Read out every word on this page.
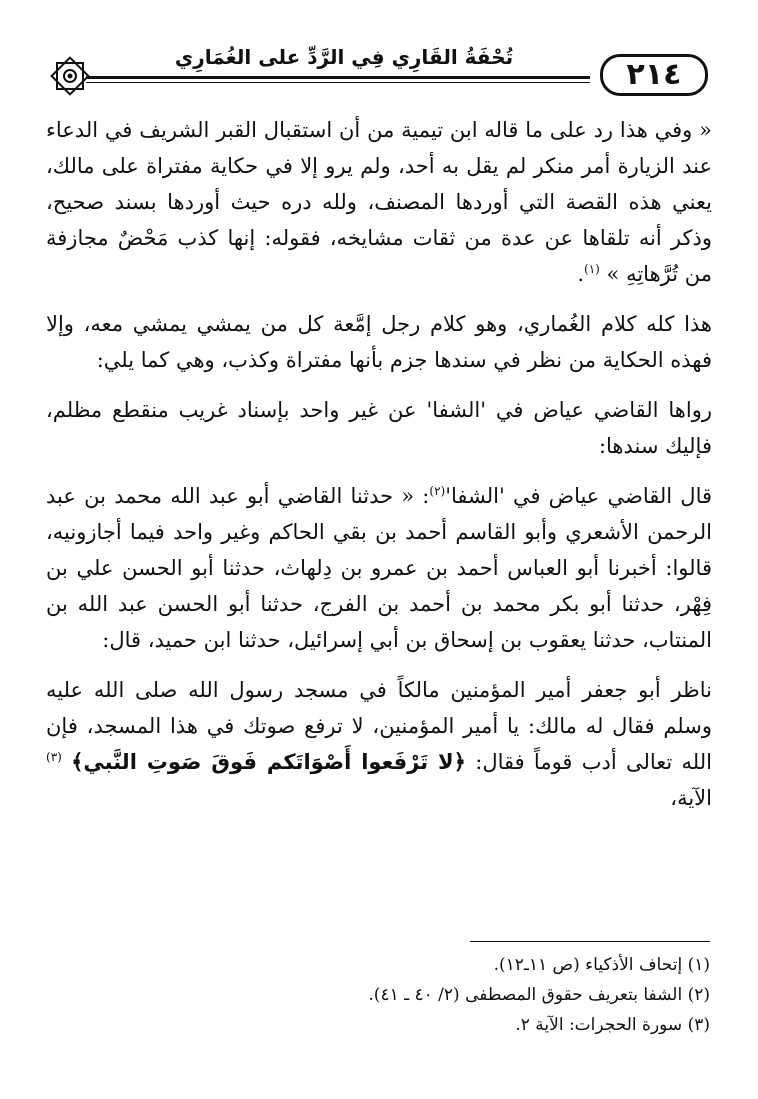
٢١٤
تُحْفَةُ القَارِي فِي الرَّدِّ على الغُمَارِي

« وفي هذا رد على ما قاله ابن تيمية من أن استقبال القبر الشريف في الدعاء عند الزيارة أمر منكر لم يقل به أحد، ولم يرو إلا في حكاية مفتراة على مالك، يعني هذه القصة التي أوردها المصنف، ولله دره حيث أوردها بسند صحيح، وذكر أنه تلقاها عن عدة من ثقات مشايخه، فقوله: إنها كذب مَحْضٌ مجازفة من تُرَّهاتِهِ » $^{(١)}$.

هذا كله كلام الغُماري، وهو كلام رجل إمَّعة كل من يمشي يمشي معه، وإلا فهذه الحكاية من نظر في سندها جزم بأنها مفتراة وكذب، وهي كما يلي:

رواها القاضي عياض في 'الشفا' عن غير واحد بإسناد غريب منقطع مظلم، فإليك سندها:

قال القاضي عياض في '$الشفا'^{(٢)}$: « حدثنا القاضي أبو عبد الله محمد بن عبد الرحمن الأشعري وأبو القاسم أحمد بن بقي الحاكم وغير واحد فيما أجازونيه، قالوا: أخبرنا أبو العباس أحمد بن عمرو بن دِلهاث، حدثنا أبو الحسن علي بن فِهْر، حدثنا أبو بكر محمد بن أحمد بن الفرج، حدثنا أبو الحسن عبد الله بن المنتاب، حدثنا يعقوب بن إسحاق بن أبي إسرائيل، حدثنا ابن حميد، قال:

ناظر أبو جعفر أمير المؤمنين مالكاً في مسجد رسول الله صلى الله عليه وسلم فقال له مالك: يا أمير المؤمنين، لا ترفع صوتك في هذا المسجد، فإن الله تعالى أدب قوماً فقال: ﴿لا تَرْفَعوا أَصْوَاتَكم فَوقَ صَوتِ النَّبي﴾ $^{(٣)}$ الآية،

(١) إتحاف الأذكياء (ص ١١ـ١٢).
(٢) الشفا بتعريف حقوق المصطفى (٢/ ٤٠ ـ ٤١).
(٣) سورة الحجرات: الآية ٢.
